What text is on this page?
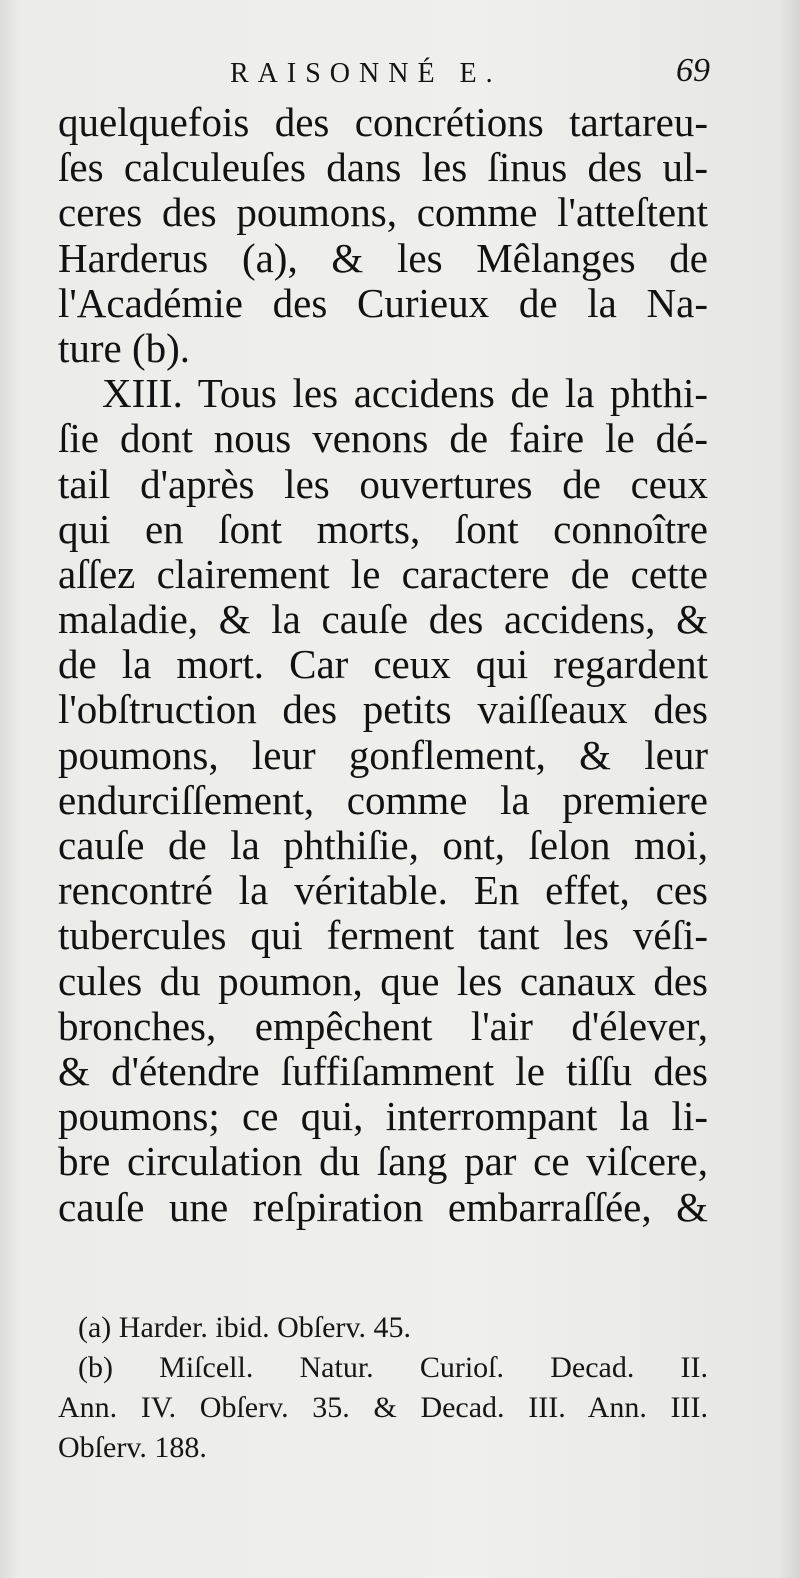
RAISONNÉ E.	69
quelquefois des concrétions tartareu-
ſes calculeuſes dans les ſinus des ul-
ceres des poumons, comme l'atteſtent
Harderus (a), & les Mêlanges de
l'Académie des Curieux de la Na-
ture (b).
XIII. Tous les accidens de la phthi-
ſie dont nous venons de faire le dé-
tail d'après les ouvertures de ceux
qui en ſont morts, ſont connoître
aſſez clairement le caractere de cette
maladie, & la cauſe des accidens, &
de la mort. Car ceux qui regardent
l'obſtruction des petits vaiſſeaux des
poumons, leur gonflement, & leur
endurciſſement, comme la premiere
cauſe de la phthiſie, ont, ſelon moi,
rencontré la véritable. En effet, ces
tubercules qui ferment tant les véſi-
cules du poumon, que les canaux des
bronches, empêchent l'air d'élever,
& d'étendre ſuffiſamment le tiſſu des
poumons; ce qui, interrompant la li-
bre circulation du ſang par ce viſcere,
cauſe une reſpiration embarraſſée, &
(a) Harder. ibid. Obſerv. 45.
(b) Miſcell. Natur. Curioſ. Decad. II.
Ann. IV. Obſerv. 35. & Decad. III. Ann. III.
Obſerv. 188.
